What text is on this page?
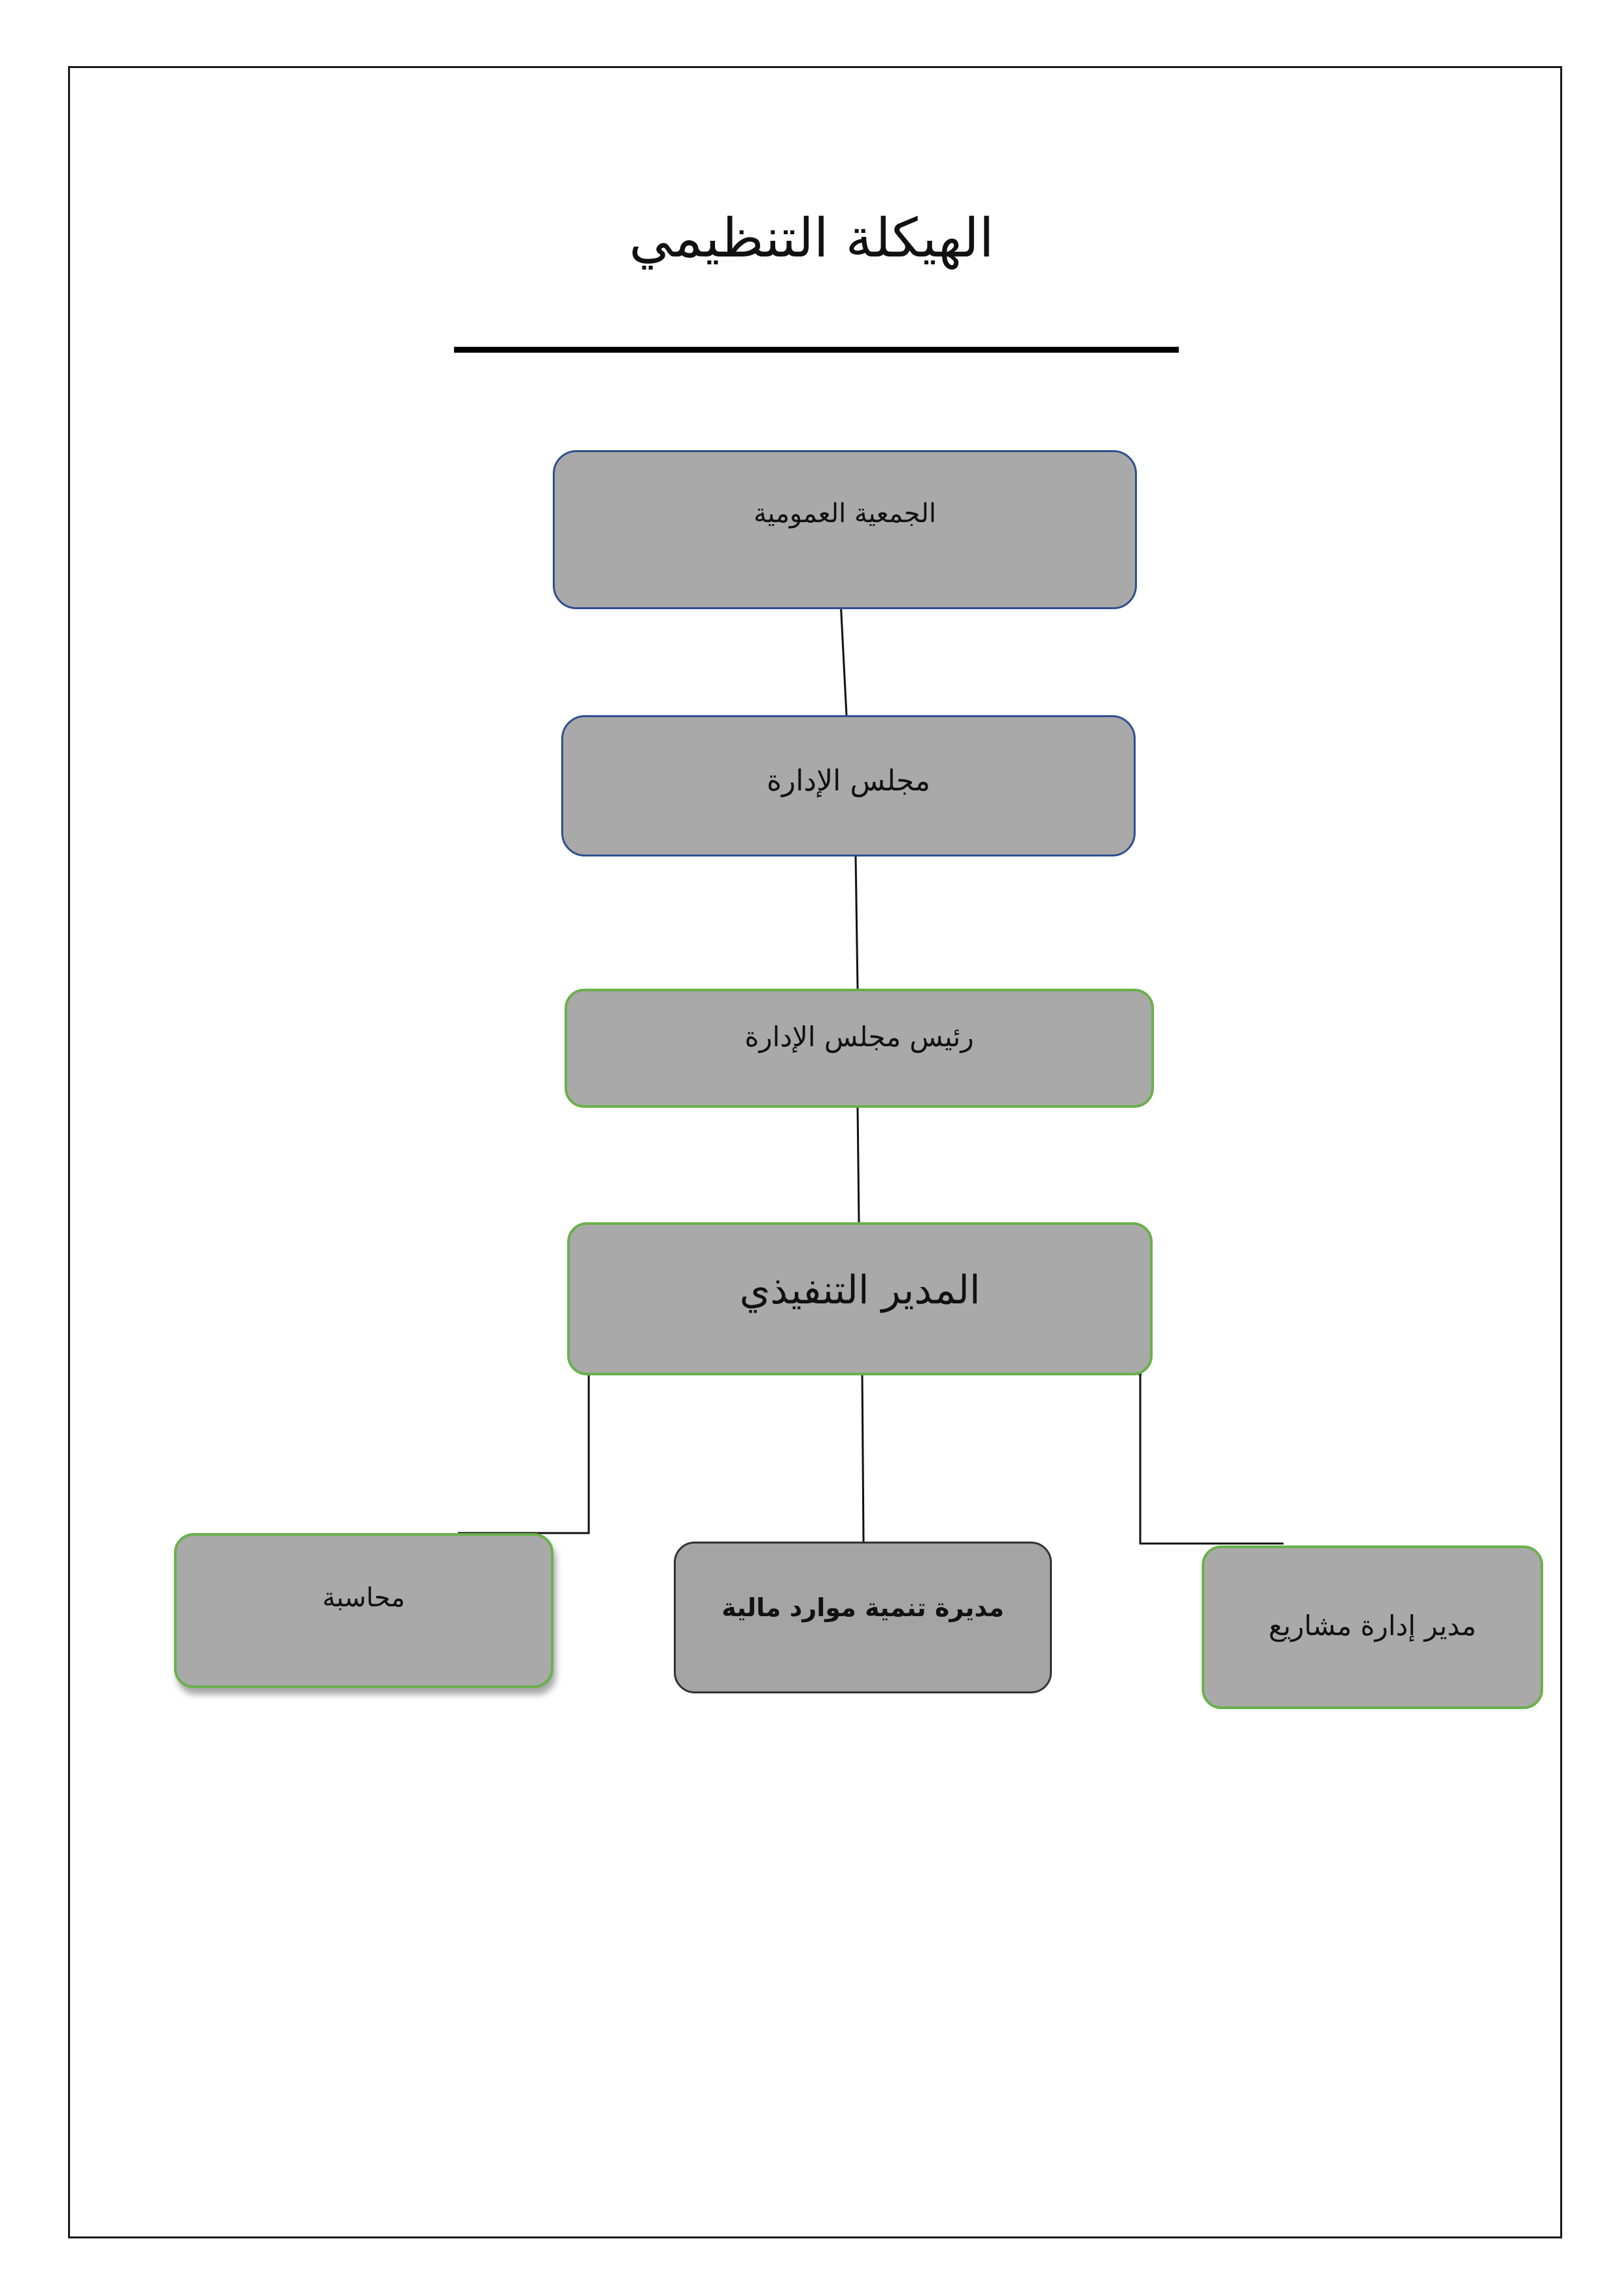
الهيكلة التنظيمي
الجمعية العمومية
مجلس الإدارة
رئيس مجلس الإدارة
المدير التنفيذي
محاسبة	مديرة تنمية موارد مالية
مدير إدارة مشاريع
